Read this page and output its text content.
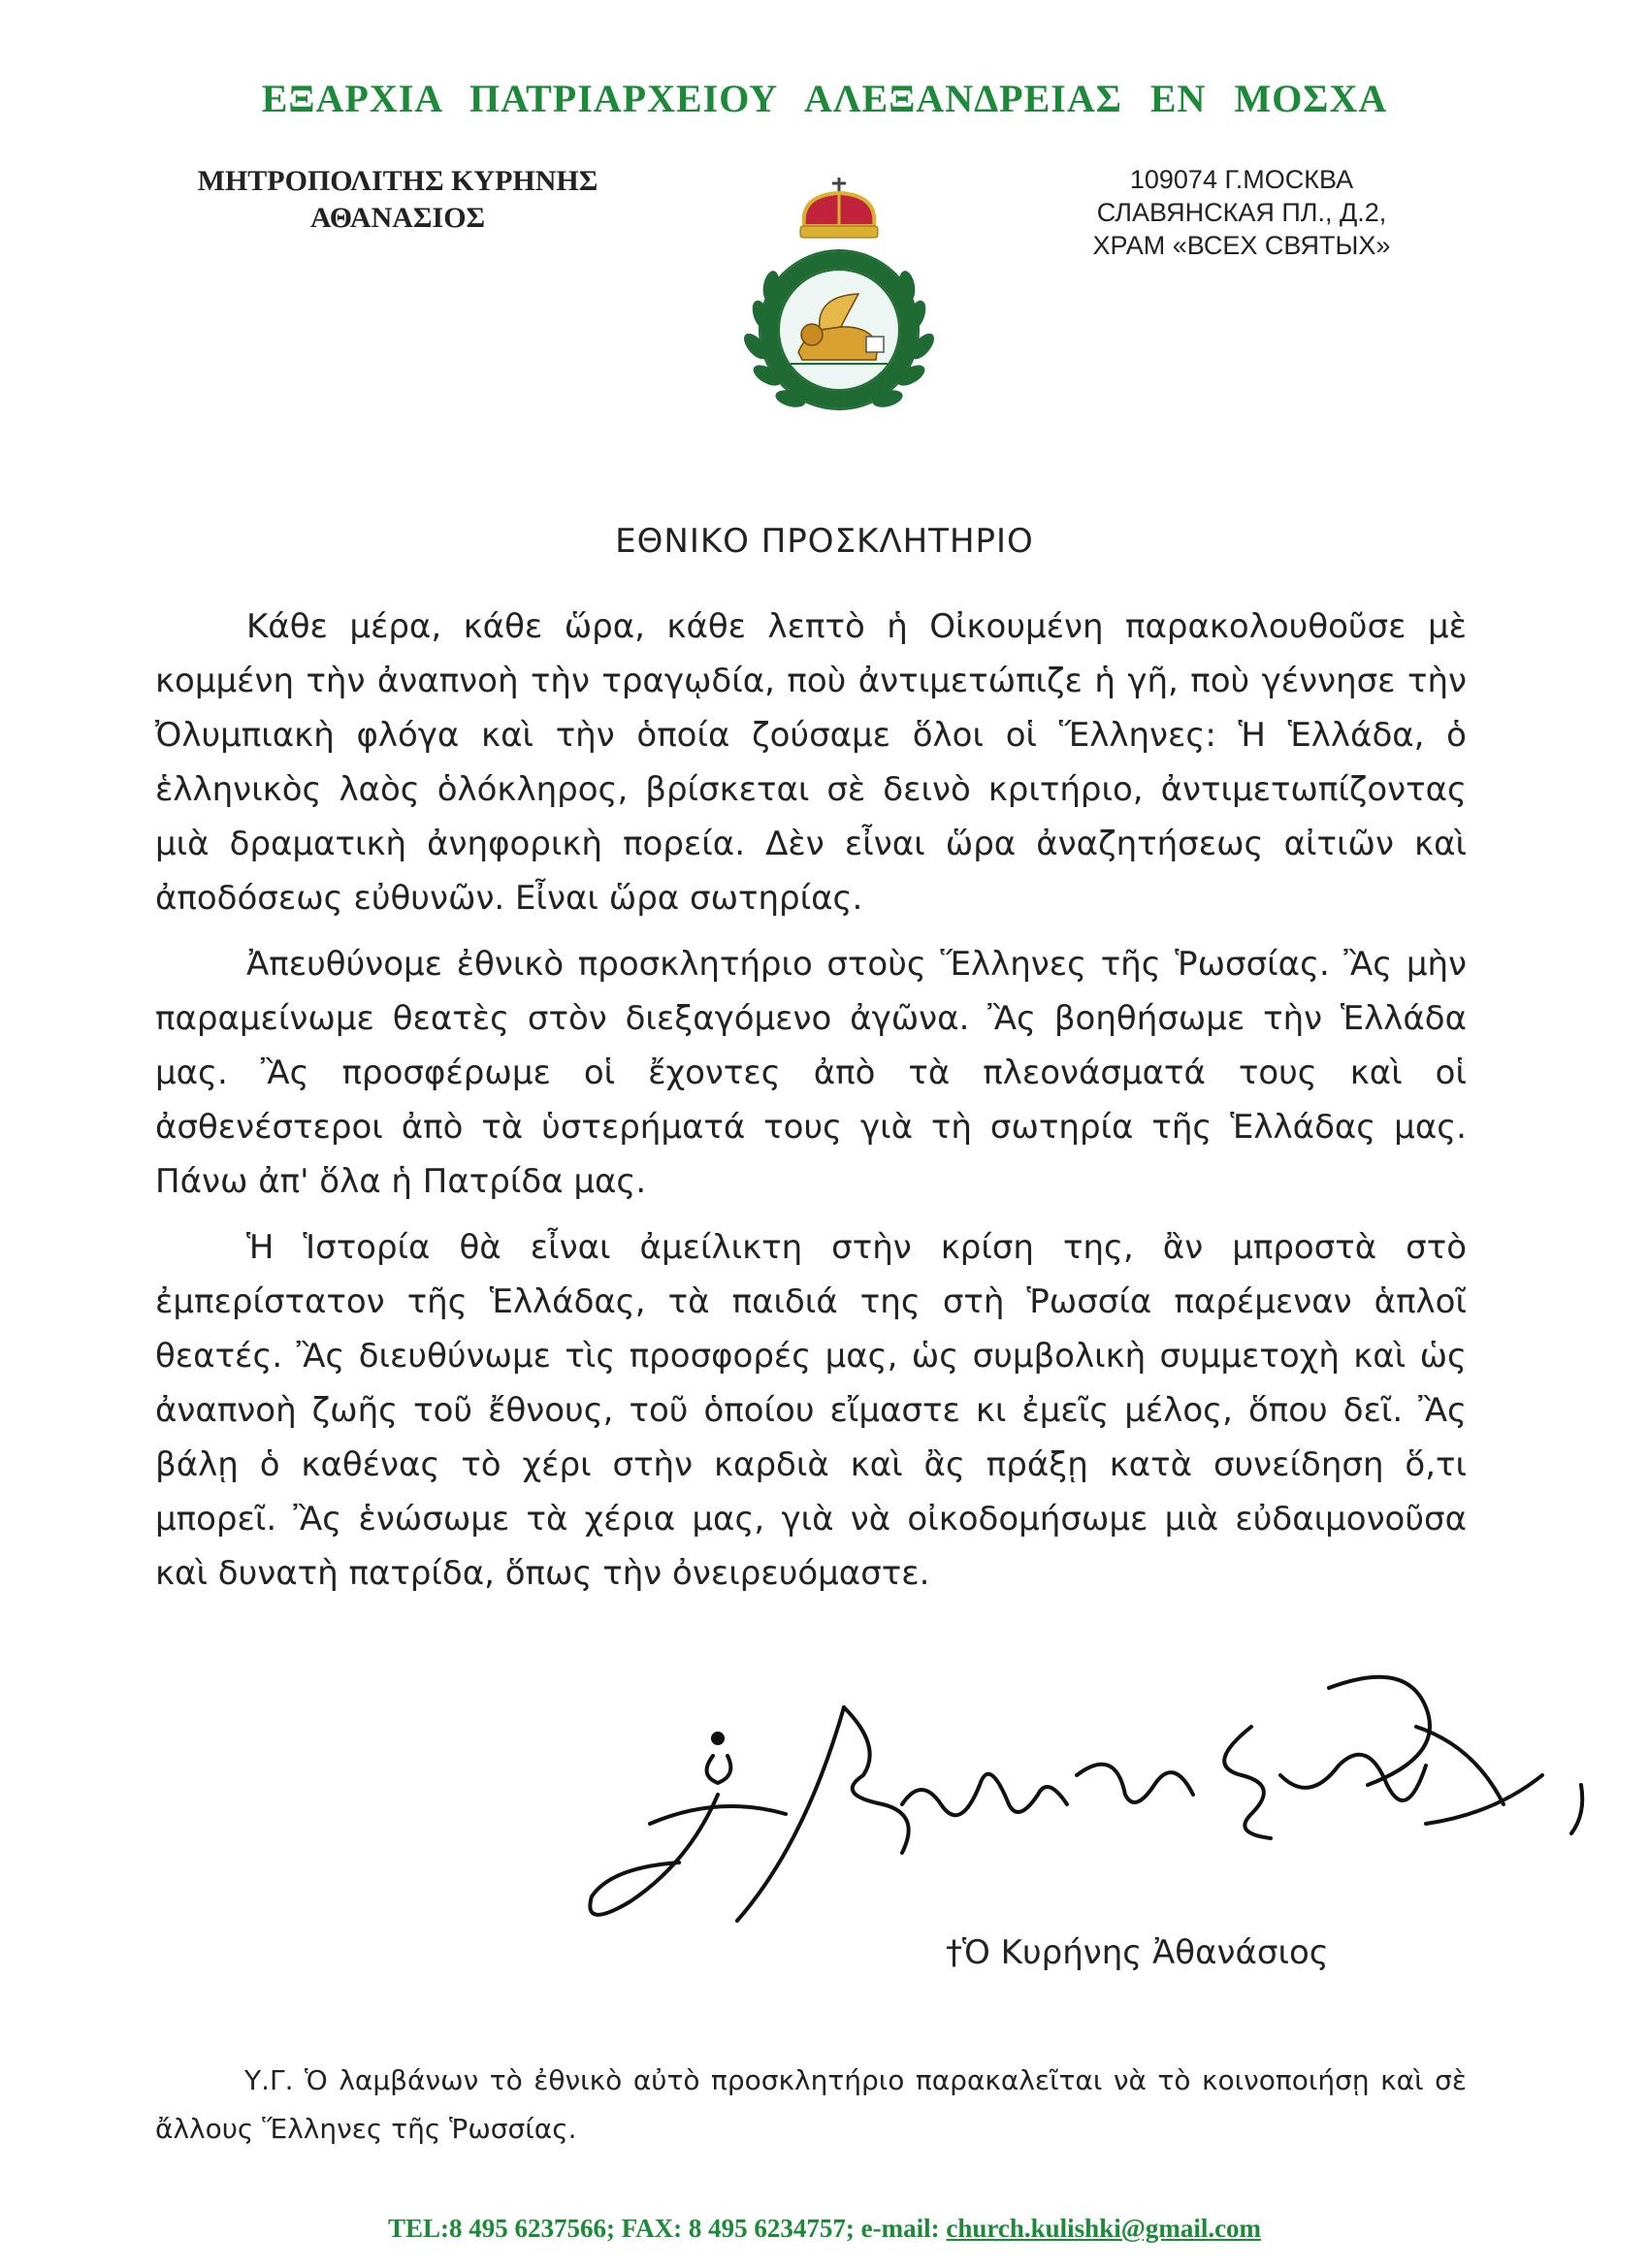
ΕΞΑΡΧΙΑ ΠΑΤΡΙΑΡΧΕΙΟΥ ΑΛΕΞΑΝΔΡΕΙΑΣ ΕΝ ΜΟΣΧΑ
ΜΗΤΡΟΠΟΛΙΤΗΣ ΚΥΡΗΝΗΣ
ΑΘΑΝΑΣΙΟΣ
109074 Г.МОСКВА
СЛАВЯНСКАЯ ПЛ., Д.2,
ХРАМ «ВСЕХ СВЯТЫХ»
ΕΘΝΙΚΟ ΠΡΟΣΚΛΗΤΗΡΙΟ

Κάθε μέρα, κάθε ὥρα, κάθε λεπτὸ ἡ Οἰκουμένη παρακολουθοῦσε μὲ κομμένη τὴν ἀναπνοὴ τὴν τραγῳδία, ποὺ ἀντιμετώπιζε ἡ γῆ, ποὺ γέννησε τὴν Ὀλυμπιακὴ φλόγα καὶ τὴν ὁποία ζούσαμε ὅλοι οἱ Ἕλληνες: Ἡ Ἑλλάδα, ὁ ἑλληνικὸς λαὸς ὁλόκληρος, βρίσκεται σὲ δεινὸ κριτήριο, ἀντιμετωπίζοντας μιὰ δραματικὴ ἀνηφορικὴ πορεία. Δὲν εἶναι ὥρα ἀναζητήσεως αἰτιῶν καὶ ἀποδόσεως εὐθυνῶν. Εἶναι ὥρα σωτηρίας.

Ἀπευθύνομε ἐθνικὸ προσκλητήριο στοὺς Ἕλληνες τῆς Ῥωσσίας. Ἂς μὴν παραμείνωμε θεατὲς στὸν διεξαγόμενο ἀγῶνα. Ἂς βοηθήσωμε τὴν Ἑλλάδα μας. Ἂς προσφέρωμε οἱ ἔχοντες ἀπὸ τὰ πλεονάσματά τους καὶ οἱ ἀσθενέστεροι ἀπὸ τὰ ὑστερήματά τους γιὰ τὴ σωτηρία τῆς Ἑλλάδας μας. Πάνω ἀπ' ὅλα ἡ Πατρίδα μας.

Ἡ Ἱστορία θὰ εἶναι ἀμείλικτη στὴν κρίση της, ἂν μπροστὰ στὸ ἐμπερίστατον τῆς Ἑλλάδας, τὰ παιδιά της στὴ Ῥωσσία παρέμεναν ἁπλοῖ θεατές. Ἂς διευθύνωμε τὶς προσφορές μας, ὡς συμβολικὴ συμμετοχὴ καὶ ὡς ἀναπνοὴ ζωῆς τοῦ ἔθνους, τοῦ ὁποίου εἴμαστε κι ἐμεῖς μέλος, ὅπου δεῖ. Ἂς βάλῃ ὁ καθένας τὸ χέρι στὴν καρδιὰ καὶ ἂς πράξῃ κατὰ συνείδηση ὅ,τι μπορεῖ. Ἂς ἑνώσωμε τὰ χέρια μας, γιὰ νὰ οἰκοδομήσωμε μιὰ εὐδαιμονοῦσα καὶ δυνατὴ πατρίδα, ὅπως τὴν ὀνειρευόμαστε.

†Ὁ Κυρήνης Ἀθανάσιος
Υ.Γ. Ὁ λαμβάνων τὸ ἐθνικὸ αὐτὸ προσκλητήριο παρακαλεῖται νὰ τὸ κοινοποιήσῃ καὶ σὲ ἄλλους Ἕλληνες τῆς Ῥωσσίας.
TEL:8 495 6237566; FAX: 8 495 6234757; e-mail: church.kulishki@gmail.com
